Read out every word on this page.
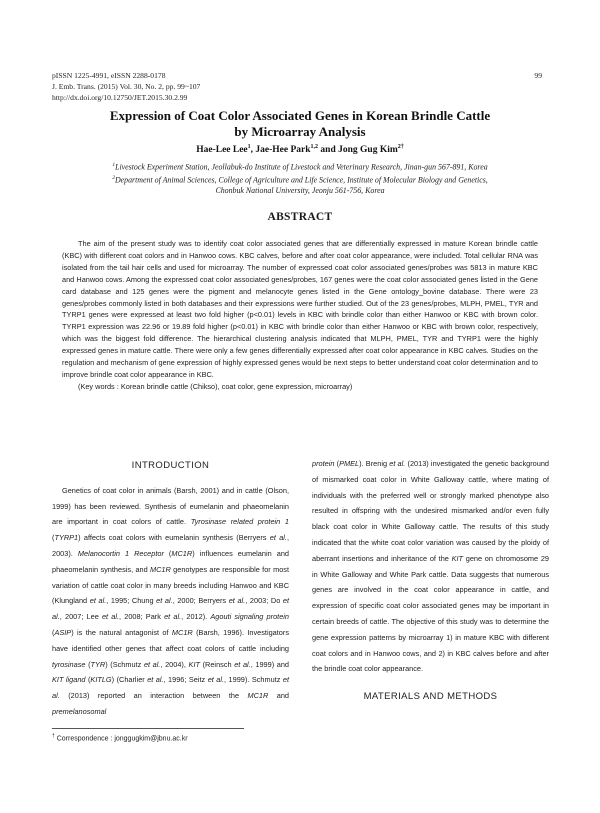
pISSN 1225-4991, eISSN 2288-0178
J. Emb. Trans. (2015) Vol. 30, No. 2, pp. 99~107
http://dx.doi.org/10.12750/JET.2015.30.2.99
99
Expression of Coat Color Associated Genes in Korean Brindle Cattle
by Microarray Analysis
Hae-Lee Lee$^1$, Jae-Hee Park$^{1,2}$ and Jong Gug Kim$^{2\dagger}$
$^1$Livestock Experiment Station, Jeollabuk-do Institute of Livestock and Veterinary Research, Jinan-gun 567-891, Korea
$^2$Department of Animal Sciences, College of Agriculture and Life Science, Institute of Molecular Biology and Genetics,
Chonbuk National University, Jeonju 561-756, Korea
ABSTRACT

The aim of the present study was to identify coat color associated genes that are differentially expressed in mature Korean brindle cattle (KBC) with different coat colors and in Hanwoo cows. KBC calves, before and after coat color appearance, were included. Total cellular RNA was isolated from the tail hair cells and used for microarray. The number of expressed coat color associated genes/probes was 5813 in mature KBC and Hanwoo cows. Among the expressed coat color associated genes/probes, 167 genes were the coat color associated genes listed in the Gene card database and 125 genes were the pigment and melanocyte genes listed in the Gene ontology_bovine database. There were 23 genes/probes commonly listed in both databases and their expressions were further studied. Out of the 23 genes/probes, MLPH, PMEL, TYR and TYRP1 genes were expressed at least two fold higher (p<0.01) levels in KBC with brindle color than either Hanwoo or KBC with brown color. TYRP1 expression was 22.96 or 19.89 fold higher (p<0.01) in KBC with brindle color than either Hanwoo or KBC with brown color, respectively, which was the biggest fold difference. The hierarchical clustering analysis indicated that MLPH, PMEL, TYR and TYRP1 were the highly expressed genes in mature cattle. There were only a few genes differentially expressed after coat color appearance in KBC calves. Studies on the regulation and mechanism of gene expression of highly expressed genes would be next steps to better understand coat color determination and to improve brindle coat color appearance in KBC.

(Key words : Korean brindle cattle (Chikso), coat color, gene expression, microarray)

INTRODUCTION

Genetics of coat color in animals (Barsh, 2001) and in cattle (Olson, 1999) has been reviewed. Synthesis of eumelanin and phaeomelanin are important in coat colors of cattle. Tyrosinase related protein 1 (TYRP1) affects coat colors with eumelanin synthesis (Berryers et al., 2003). Melanocortin 1 Receptor (MC1R) influences eumelanin and phaeomelanin synthesis, and MC1R genotypes are responsible for most variation of cattle coat color in many breeds including Hanwoo and KBC (Klungland et al., 1995; Chung et al., 2000; Berryers et al., 2003; Do et al., 2007; Lee et al., 2008; Park et al., 2012). Agouti signaling protein (ASIP) is the natural antagonist of MC1R (Barsh, 1996). Investigators have identified other genes that affect coat colors of cattle including tyrosinase (TYR) (Schmutz et al., 2004), KIT (Reinsch et al., 1999) and KIT ligand (KITLG) (Charlier et al., 1996; Seitz et al., 1999). Schmutz et al. (2013) reported an interaction between the MC1R and premelanosomal

protein (PMEL). Brenig et al. (2013) investigated the genetic background of mismarked coat color in White Galloway cattle, where mating of individuals with the preferred well or strongly marked phenotype also resulted in offspring with the undesired mismarked and/or even fully black coat color in White Galloway cattle. The results of this study indicated that the white coat color variation was caused by the ploidy of aberrant insertions and inheritance of the KIT gene on chromosome 29 in White Galloway and White Park cattle. Data suggests that numerous genes are involved in the coat color appearance in cattle, and expression of specific coat color associated genes may be important in certain breeds of cattle. The objective of this study was to determine the gene expression patterns by microarray 1) in mature KBC with different coat colors and in Hanwoo cows, and 2) in KBC calves before and after the brindle coat color appearance.

MATERIALS AND METHODS
† Correspondence : jonggugkim@jbnu.ac.kr
